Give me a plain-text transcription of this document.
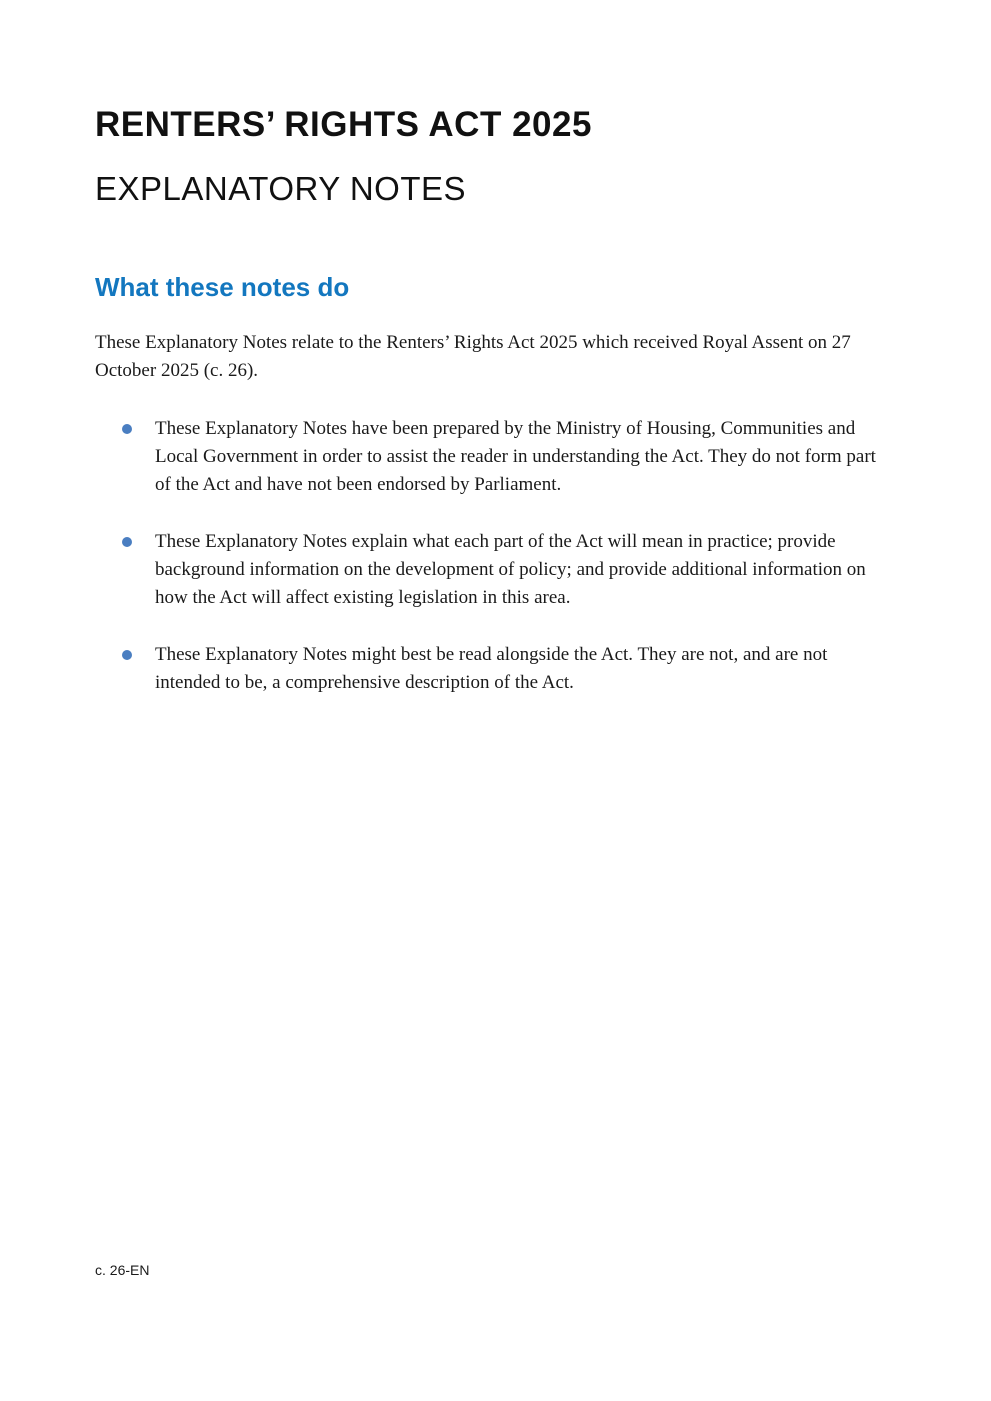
RENTERS’ RIGHTS ACT 2025
EXPLANATORY NOTES
What these notes do

These Explanatory Notes relate to the Renters’ Rights Act 2025 which received Royal Assent on 27 October 2025 (c. 26).

These Explanatory Notes have been prepared by the Ministry of Housing, Communities and Local Government in order to assist the reader in understanding the Act. They do not form part of the Act and have not been endorsed by Parliament.
These Explanatory Notes explain what each part of the Act will mean in practice; provide background information on the development of policy; and provide additional information on how the Act will affect existing legislation in this area.
These Explanatory Notes might best be read alongside the Act. They are not, and are not intended to be, a comprehensive description of the Act.
c. 26-EN
